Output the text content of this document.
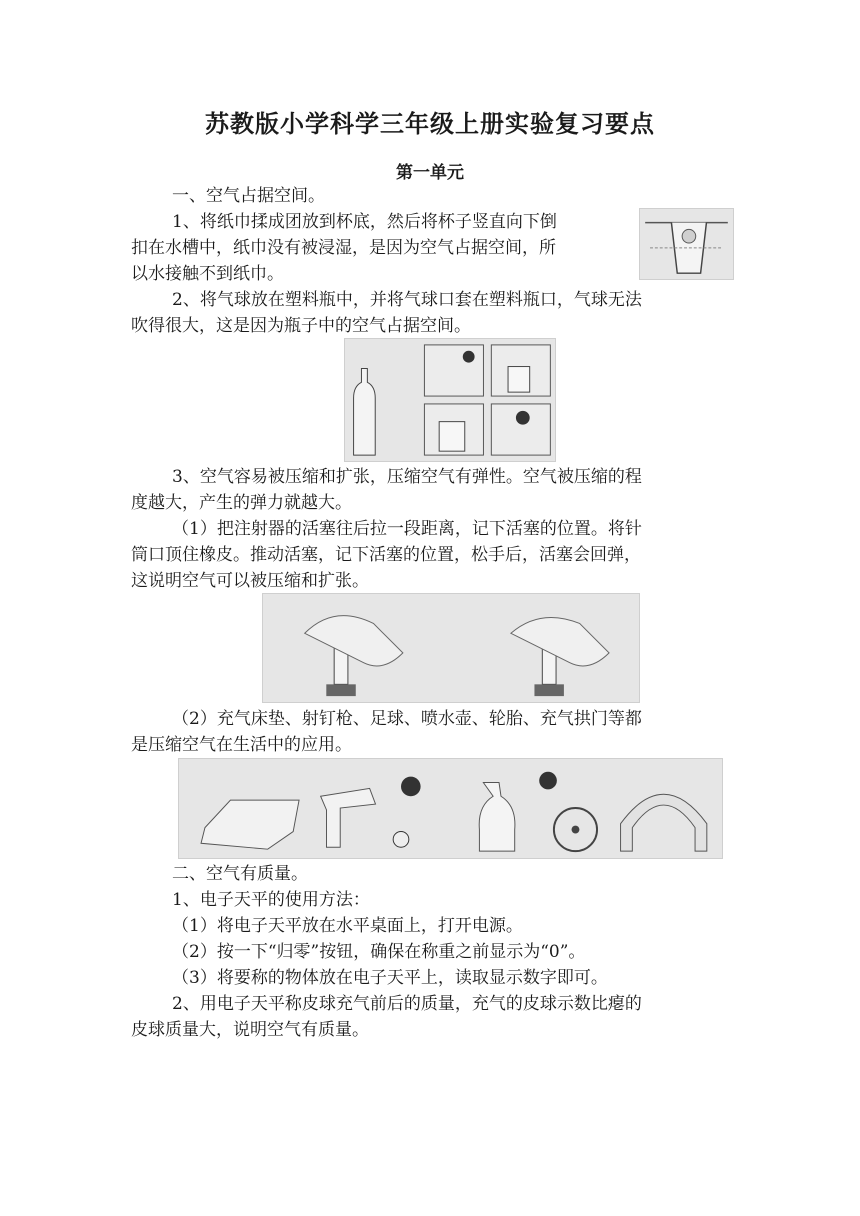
苏教版小学科学三年级上册实验复习要点
第一单元
一、空气占据空间。
1、将纸巾揉成团放到杯底，然后将杯子竖直向下倒
扣在水槽中，纸巾没有被浸湿，是因为空气占据空间，所
以水接触不到纸巾。
2、将气球放在塑料瓶中，并将气球口套在塑料瓶口，气球无法
吹得很大，这是因为瓶子中的空气占据空间。
3、空气容易被压缩和扩张，压缩空气有弹性。空气被压缩的程
度越大，产生的弹力就越大。
（1）把注射器的活塞往后拉一段距离，记下活塞的位置。将针
筒口顶住橡皮。推动活塞，记下活塞的位置，松手后，活塞会回弹，
这说明空气可以被压缩和扩张。
（2）充气床垫、射钉枪、足球、喷水壶、轮胎、充气拱门等都
是压缩空气在生活中的应用。
二、空气有质量。
1、电子天平的使用方法：
（1）将电子天平放在水平桌面上，打开电源。
（2）按一下“归零”按钮，确保在称重之前显示为“0”。
（3）将要称的物体放在电子天平上，读取显示数字即可。
2、用电子天平称皮球充气前后的质量，充气的皮球示数比瘪的
皮球质量大，说明空气有质量。
